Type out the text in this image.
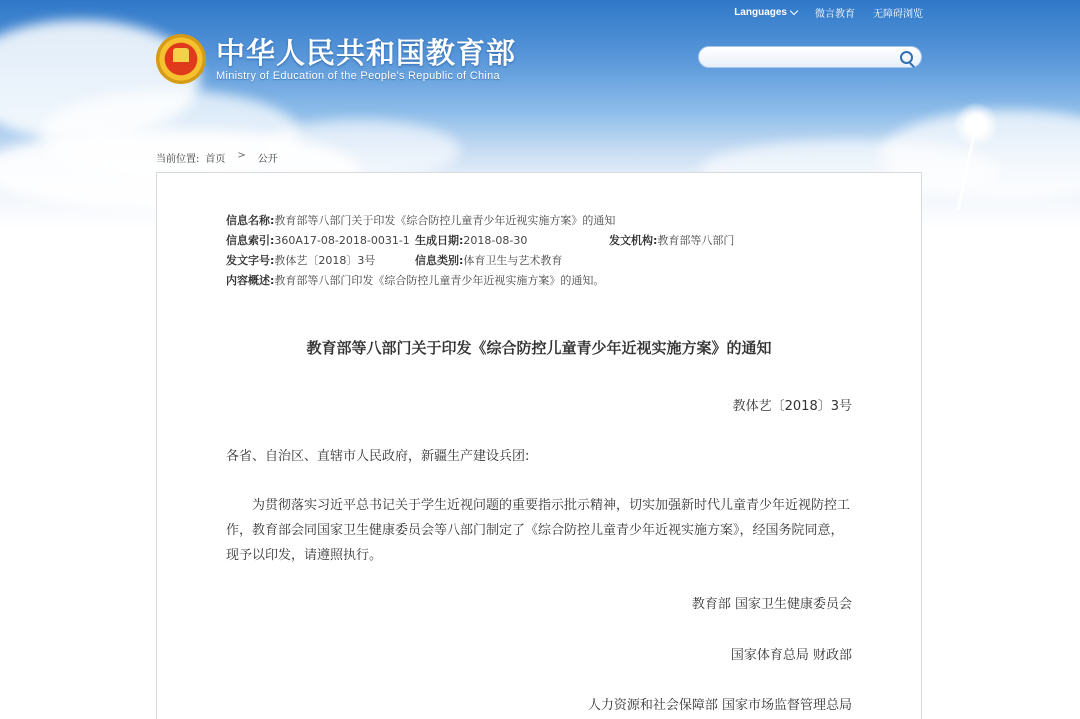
Languages	微言教育 无障碍浏览
中华人民共和国教育部
Ministry of Education of the People's Republic of China
当前位置: 首页 > 公开
信息名称: 教育部等八部门关于印发《综合防控儿童青少年近视实施方案》的通知
信息索引: 360A17-08-2018-0031-1 生成日期: 2018-08-30	发文机构: 教育部等八部门
发文字号: 教体艺〔2018〕3号	信息类别: 体育卫生与艺术教育
内容概述: 教育部等八部门印发《综合防控儿童青少年近视实施方案》的通知。
教育部等八部门关于印发《综合防控儿童青少年近视实施方案》的通知
教体艺〔2018〕3号
各省、自治区、直辖市人民政府，新疆生产建设兵团:
为贯彻落实习近平总书记关于学生近视问题的重要指示批示精神，切实加强新时代儿童青少年近视防控工作，教育部会同国家卫生健康委员会等八部门制定了《综合防控儿童青少年近视实施方案》，经国务院同意，现予以印发，请遵照执行。
教育部 国家卫生健康委员会
国家体育总局 财政部
人力资源和社会保障部 国家市场监督管理总局
